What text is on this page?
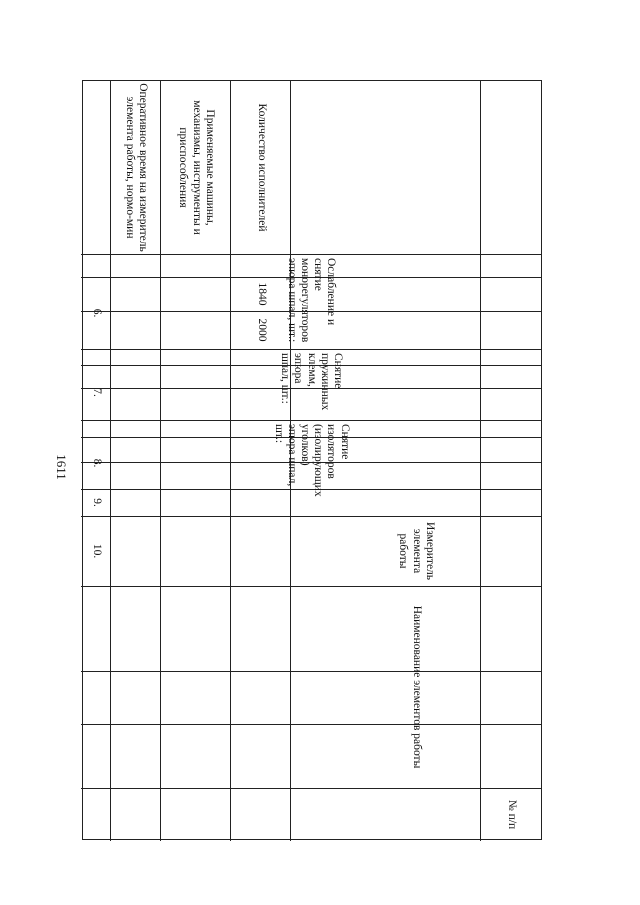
1611
№ п/п
Наименование элементов работы
Измеритель элемента работы
Количество исполнителей
Применяемые машины, механизмы, инструменты и приспособления
Оперативное время на измеритель элемента работы, нормо-мин
Ослабление и снятие монорегуляторов эпюра шпал, шт.:
6.
1840
2000
Снятие пружинных клемм, эпюра шпал, шт.:
7.
Снятие изоляторов (изолирующих уголков) эпюра шпал, шт.:
8.
9.
10.
